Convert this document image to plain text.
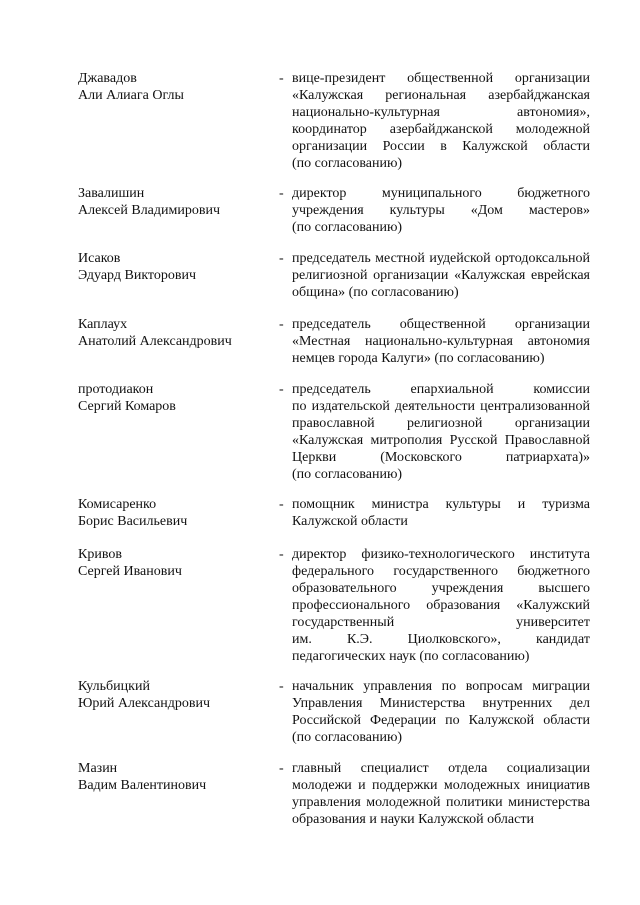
Джавадов
Али Алиага Оглы
- вице-президент общественной организации
«Калужская региональная азербайджанская
национально-культурная автономия»,
координатор азербайджанской молодежной
организации России в Калужской области
(по согласованию)
Завалишин
Алексей Владимирович
- директор муниципального бюджетного
учреждения культуры «Дом мастеров»
(по согласованию)
Исаков
Эдуард Викторович
- председатель местной иудейской ортодоксальной
религиозной организации «Калужская еврейская
община» (по согласованию)
Каплаух
Анатолий Александрович
- председатель общественной организации
«Местная национально-культурная автономия
немцев города Калуги» (по согласованию)
протодиакон
Сергий Комаров
- председатель епархиальной комиссии
по издательской деятельности централизованной
православной религиозной организации
«Калужская митрополия Русской Православной
Церкви (Московского патриархата)»
(по согласованию)
Комисаренко
Борис Васильевич
- помощник министра культуры и туризма
Калужской области
Кривов
Сергей Иванович
- директор физико-технологического института
федерального государственного бюджетного
образовательного учреждения высшего
профессионального образования «Калужский
государственный университет
им. К.Э. Циолковского», кандидат
педагогических наук (по согласованию)
Кульбицкий
Юрий Александрович
- начальник управления по вопросам миграции
Управления Министерства внутренних дел
Российской Федерации по Калужской области
(по согласованию)
Мазин
Вадим Валентинович
- главный специалист отдела социализации
молодежи и поддержки молодежных инициатив
управления молодежной политики министерства
образования и науки Калужской области
